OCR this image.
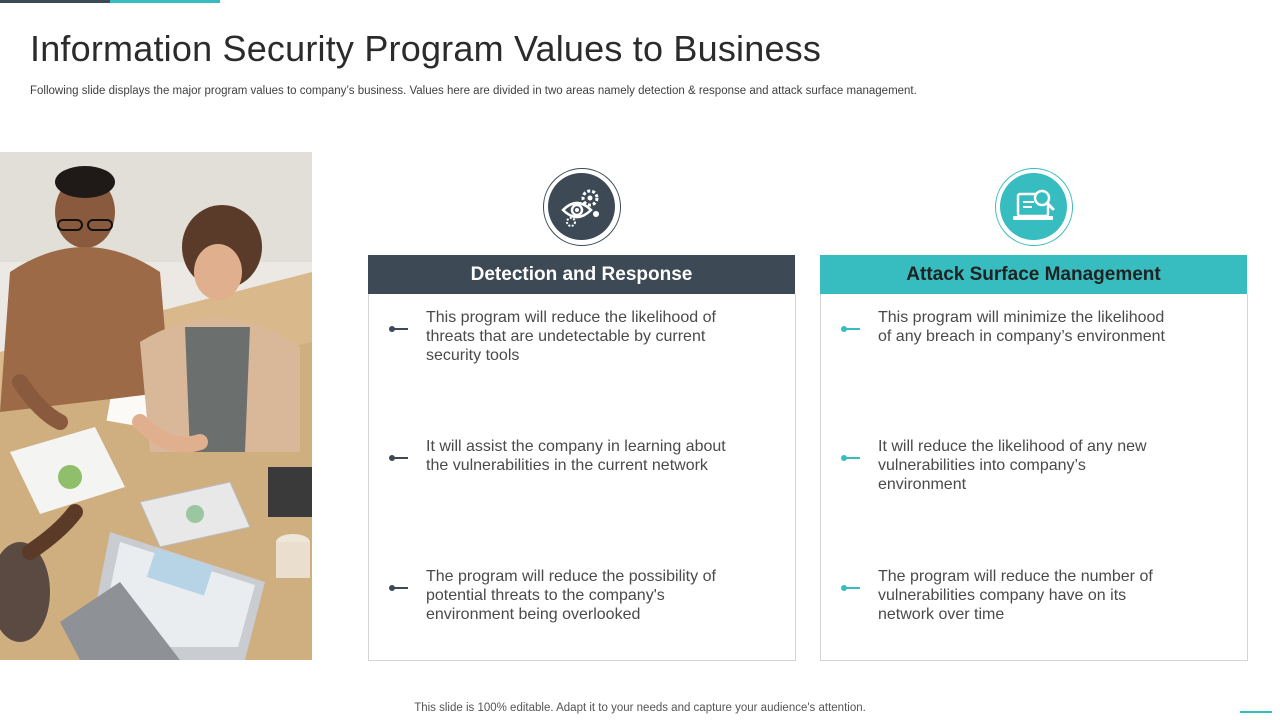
Information Security Program Values to Business

Following slide displays the major program values to company’s business. Values here are divided in two areas namely detection & response and attack surface management.

Detection and Response
This program will reduce the likelihood of threats that are undetectable by current security tools
It will assist the company in learning about the vulnerabilities in the current network
The program will reduce the possibility of potential threats to the company's environment being overlooked
Attack Surface Management
This program will minimize the likelihood of any breach in company’s environment
It will reduce the likelihood of any new vulnerabilities into company’s environment
The program will reduce the number of vulnerabilities company have on its network over time
This slide is 100% editable. Adapt it to your needs and capture your audience's attention.
